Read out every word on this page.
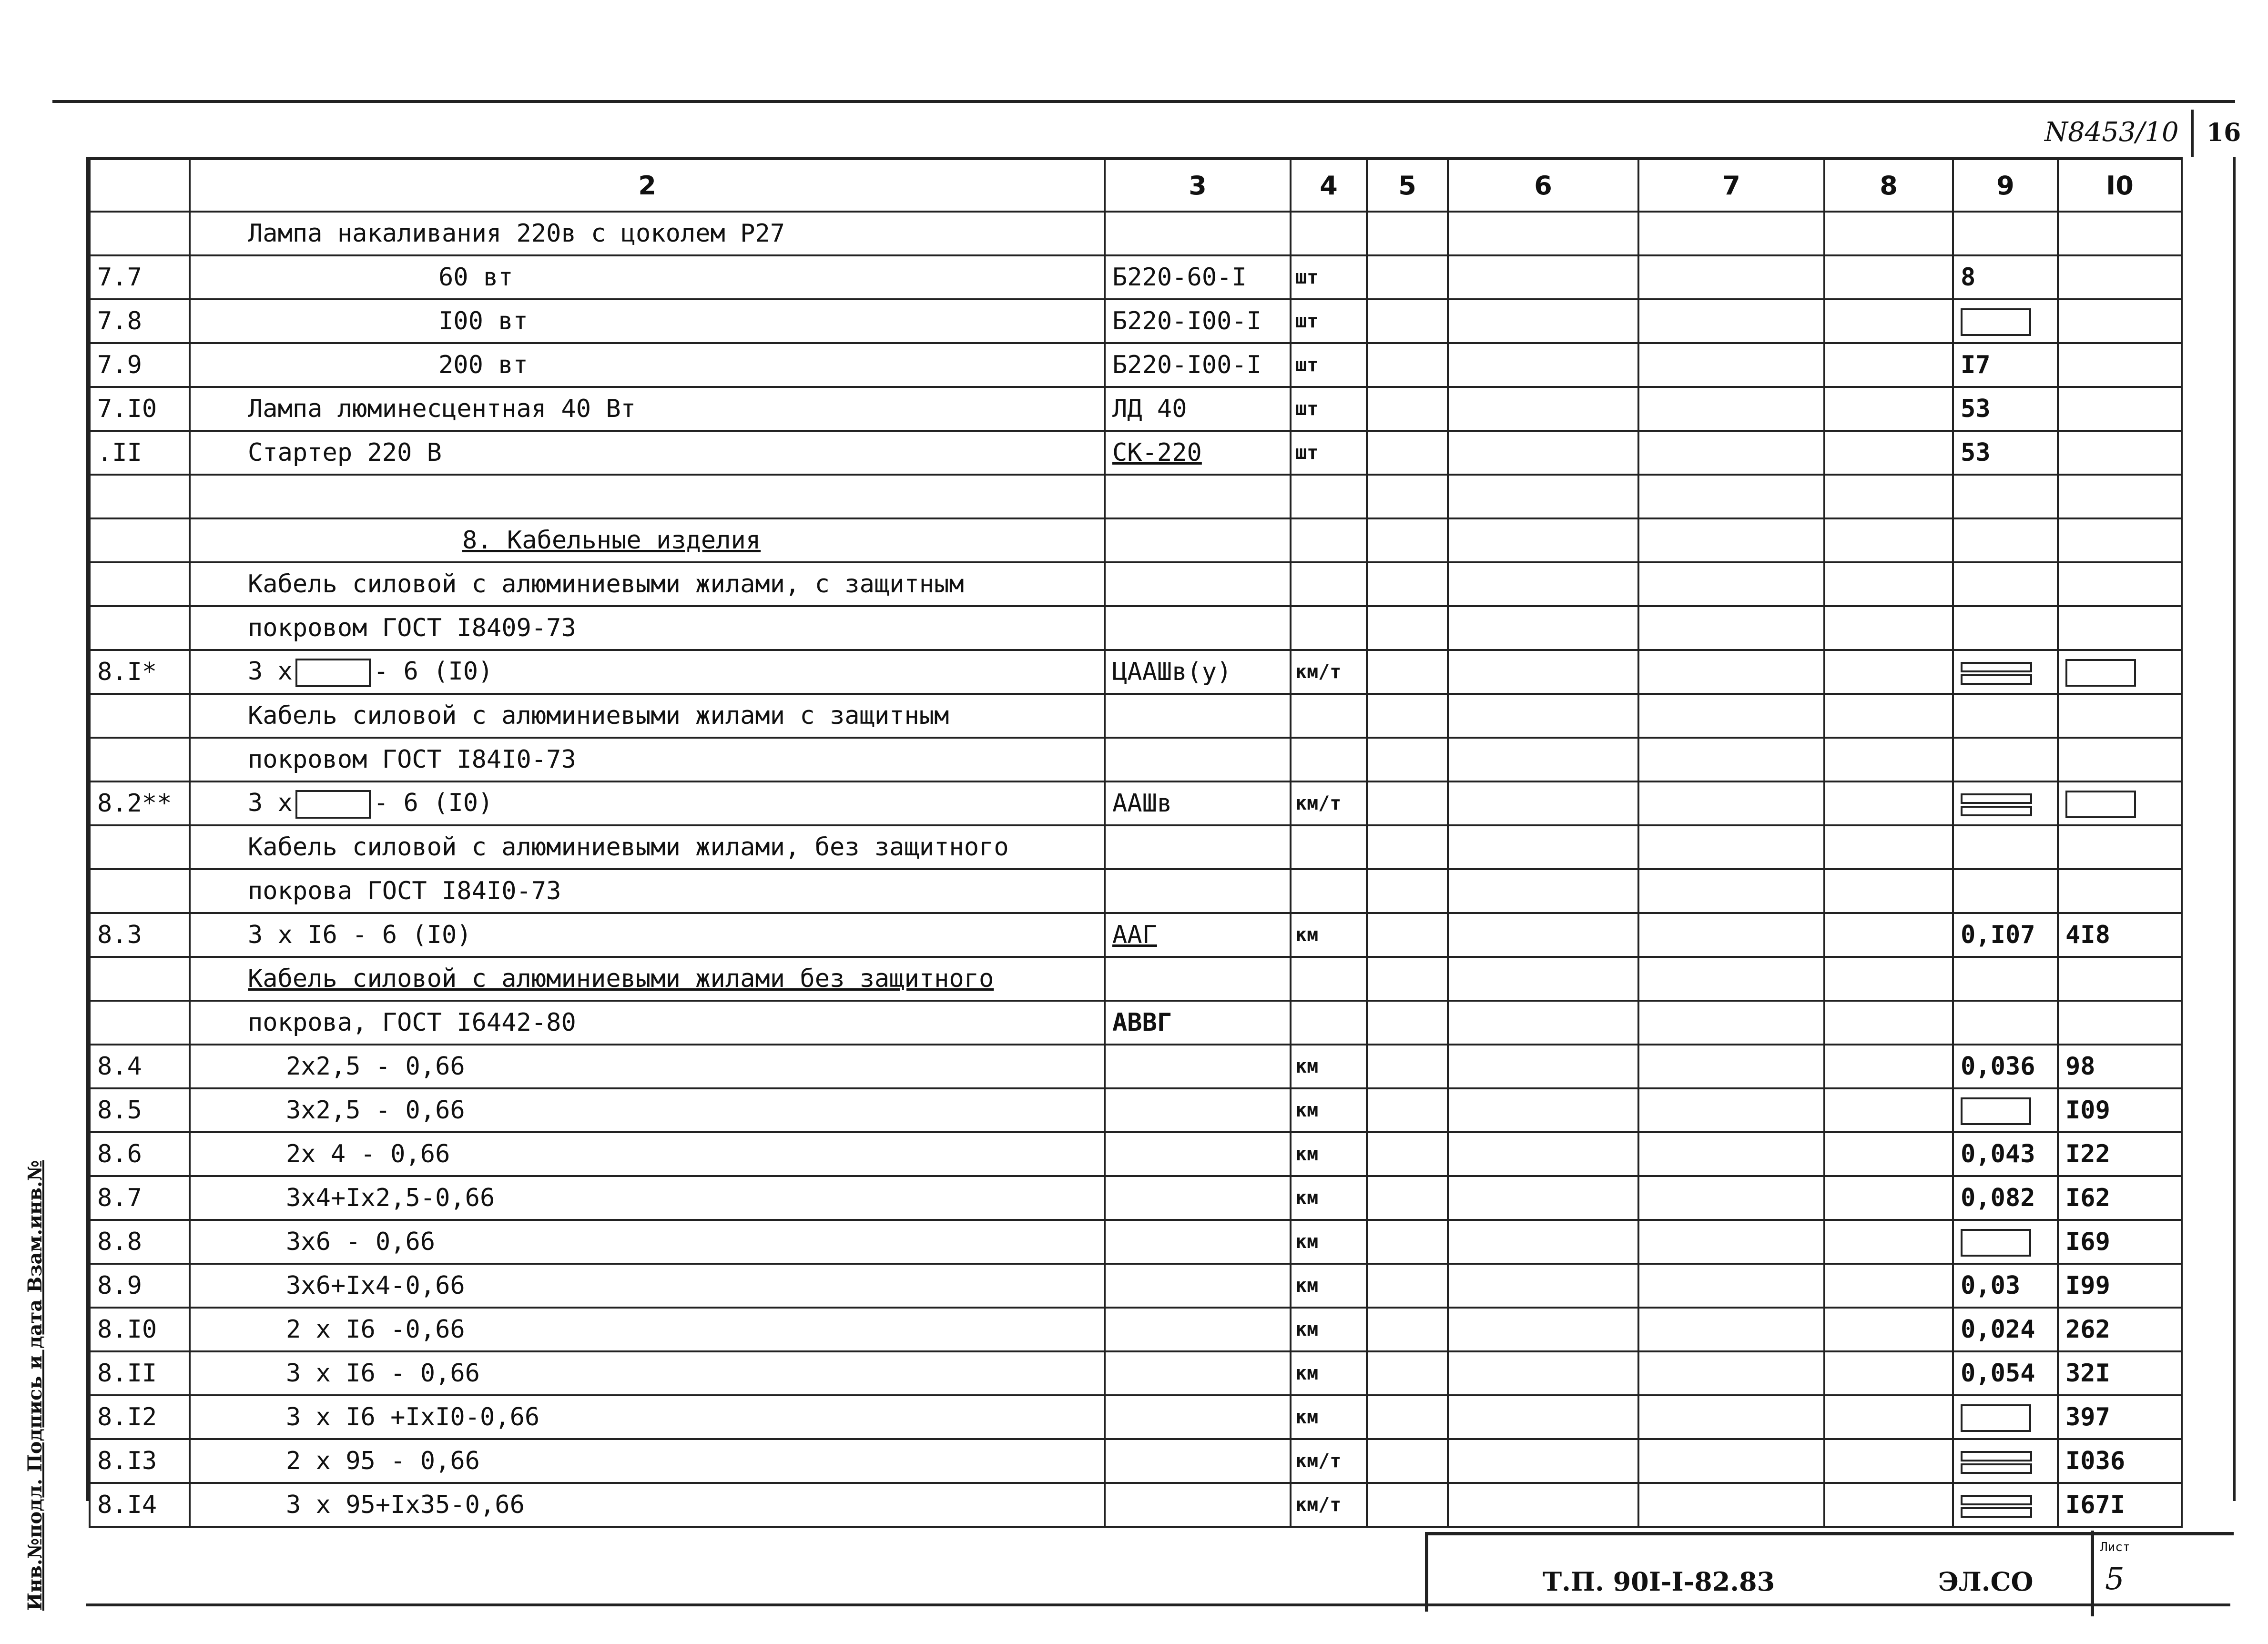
N8453/10 16
	2	3	4	5	6	7	8	9	I0
	Лампа накаливания 220в с цоколем Р27								
7.7	60 вт	Б220-60-I	шт					8	
7.8	I00 вт	Б220-I00-I	шт						
7.9	200 вт	Б220-I00-I	шт					I7	
7.I0	Лампа люминесцентная 40 Вт	ЛД 40	шт					53	
.II	Стартер 220 В	СК-220	шт					53	

	8. Кабельные изделия								
	Кабель силовой с алюминиевыми жилами, с защитным								
	покровом ГОСТ I8409-73								
8.I*	3 x - 6 (I0)	ЦААШв(у)	км/т					

	Кабель силовой с алюминиевыми жилами с защитным								
	покровом ГОСТ I84I0-73								
8.2**	3 x - 6 (I0)	ААШв	км/т					

	Кабель силовой с алюминиевыми жилами, без защитного								
	покрова ГОСТ I84I0-73								
8.3	3 x I6 - 6 (I0)	ААГ	км					0,I07	4I8
	Кабель силовой с алюминиевыми жилами без защитного								
	покрова, ГОСТ I6442-80	АВВГ							
8.4	2x2,5 - 0,66		км					0,036	98
8.5	3x2,5 - 0,66		км						I09
8.6	2x 4 - 0,66		км					0,043	I22
8.7	3x4+Ix2,5-0,66		км					0,082	I62
8.8	3x6 - 0,66		км						I69
8.9	3x6+Ix4-0,66		км					0,03	I99
8.I0	2 x I6 -0,66		км					0,024	262
8.II	3 x I6 - 0,66		км					0,054	32I
8.I2	3 x I6 +IxI0-0,66		км						397
8.I3	2 x 95 - 0,66		км/т						I036
8.I4	3 x 95+Ix35-0,66		км/т						I67I
Т.П. 90I-I-82.83	ЭЛ.СО
Лист
5
Инв.№подл. Подпись и дата Взам.инв.№
